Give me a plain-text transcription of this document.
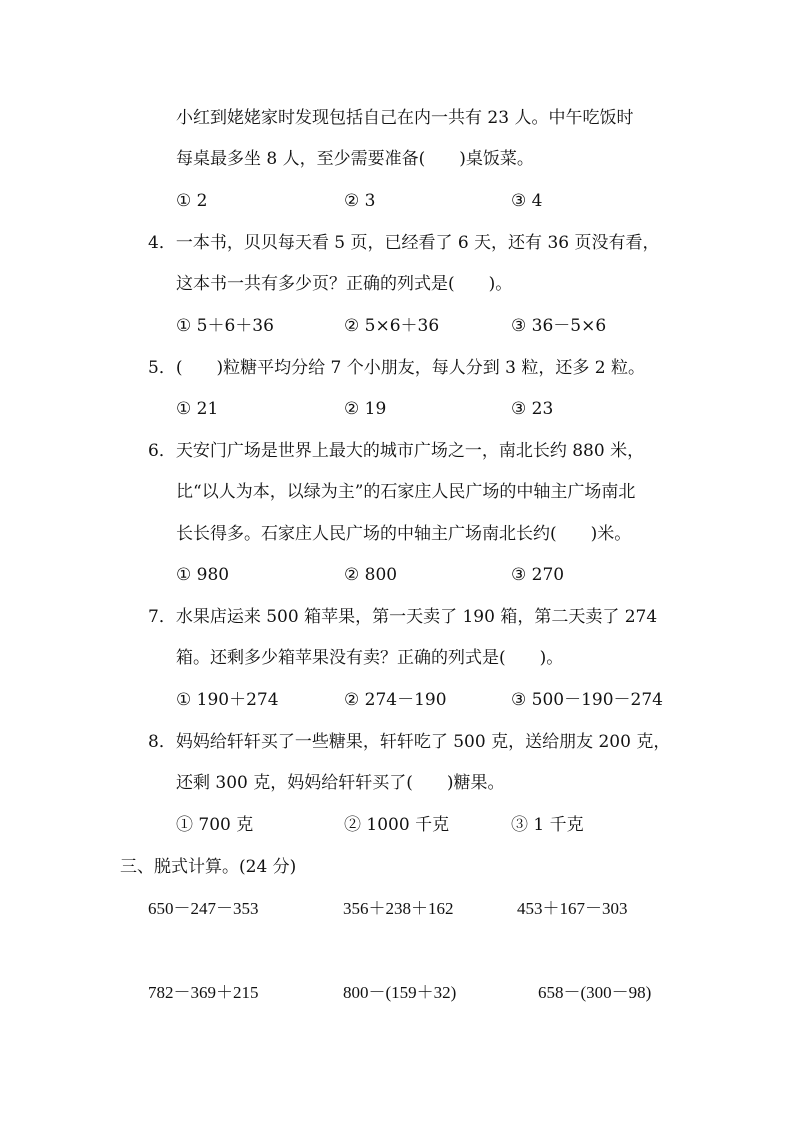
小红到姥姥家时发现包括自己在内一共有 23 人。中午吃饭时
每桌最多坐 8 人，至少需要准备(　　)桌饭菜。
① 2	② 3	③ 4
4．一本书，贝贝每天看 5 页，已经看了 6 天，还有 36 页没有看，
这本书一共有多少页？正确的列式是(　　)。
① 5＋6＋36	② 5×6＋36	③ 36－5×6
5．(　　)粒糖平均分给 7 个小朋友，每人分到 3 粒，还多 2 粒。
① 21	② 19	③ 23
6．天安门广场是世界上最大的城市广场之一，南北长约 880 米，
比“以人为本，以绿为主”的石家庄人民广场的中轴主广场南北
长长得多。石家庄人民广场的中轴主广场南北长约(　　)米。
① 980	② 800	③ 270
7．水果店运来 500 箱苹果，第一天卖了 190 箱，第二天卖了 274
箱。还剩多少箱苹果没有卖？正确的列式是(　　)。
① 190＋274	② 274－190	③ 500－190－274
8．妈妈给轩轩买了一些糖果，轩轩吃了 500 克，送给朋友 200 克，
还剩 300 克，妈妈给轩轩买了(　　)糖果。
① 700 克	② 1000 千克	③ 1 千克
三、脱式计算。(24 分)
650－247－353	356＋238＋162	453＋167－303
782－369＋215	800－(159＋32)	658－(300－98)
